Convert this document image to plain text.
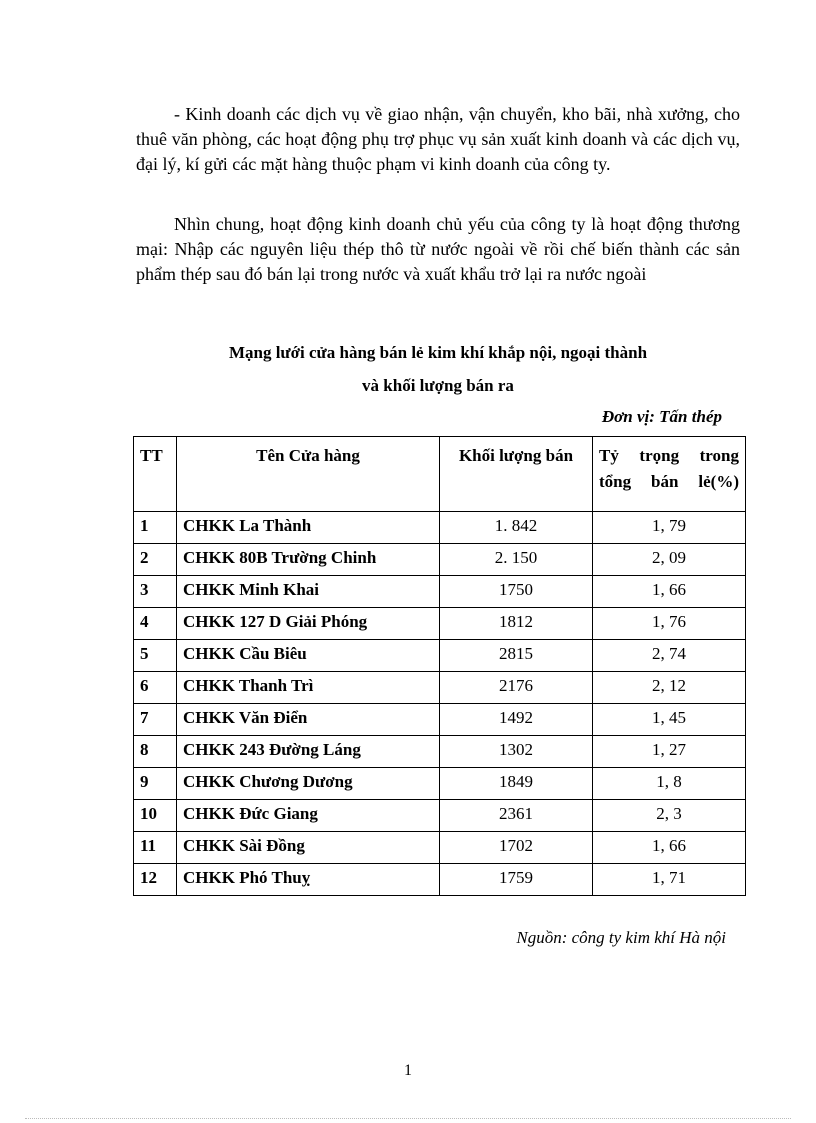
- Kinh doanh các dịch vụ về giao nhận, vận chuyển, kho bãi, nhà xưởng, cho thuê văn phòng, các hoạt động phụ trợ phục vụ sản xuất kinh doanh và các dịch vụ, đại lý, kí gửi các mặt hàng thuộc phạm vi kinh doanh của công ty.

Nhìn chung, hoạt động kinh doanh chủ yếu của công ty là hoạt động thương mại: Nhập các nguyên liệu thép thô từ nước ngoài về rồi chế biến thành các sản phẩm thép sau đó bán lại trong nước và xuất khẩu trở lại ra nước ngoài

Mạng lưới cửa hàng bán lẻ kim khí khắp nội, ngoại thành

và khối lượng bán ra

Đơn vị: Tấn thép
TT	Tên Cửa hàng	Khối lượng bán	Tỷ trọng trong tổng bán lẻ(%)
1	CHKK La Thành	1. 842	1, 79
2	CHKK 80B Trường Chinh	2. 150	2, 09
3	CHKK Minh Khai	1750	1, 66
4	CHKK 127 D Giải Phóng	1812	1, 76
5	CHKK Cầu Biêu	2815	2, 74
6	CHKK Thanh Trì	2176	2, 12
7	CHKK Văn Điển	1492	1, 45
8	CHKK 243 Đường Láng	1302	1, 27
9	CHKK Chương Dương	1849	1, 8
10	CHKK Đức Giang	2361	2, 3
11	CHKK Sài Đồng	1702	1, 66
12	CHKK Phó Thuỵ	1759	1, 71
Nguồn: công ty kim khí Hà nội
1
